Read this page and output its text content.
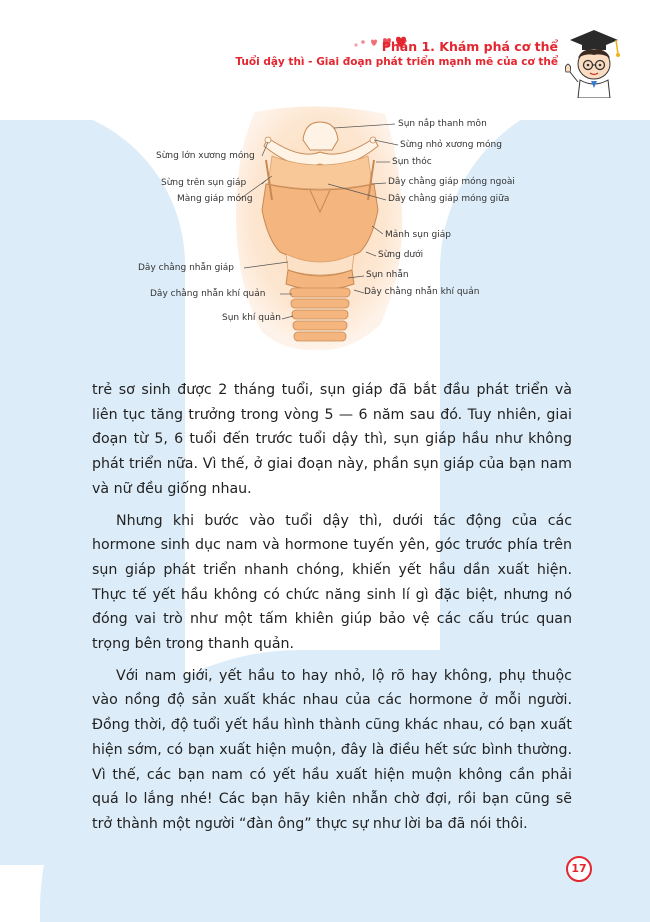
Phần 1. Khám phá cơ thể
Tuổi dậy thì - Giai đoạn phát triển mạnh mẽ của cơ thể
Sụn nắp thanh môn
Sừng nhỏ xương móng
Sừng lớn xương móng
Sụn thóc
Sừng trên sụn giáp	Dây chằng giáp móng ngoài
Màng giáp móng	Dây chằng giáp móng giữa
Mảnh sụn giáp
Sừng dưới
Dây chằng nhẫn giáp
Sụn nhẫn
Dây chằng nhẫn khí quản	Dây chằng nhẫn khí quản
Sụn khí quản

trẻ sơ sinh được 2 tháng tuổi, sụn giáp đã bắt đầu phát triển và liên tục tăng trưởng trong vòng 5 — 6 năm sau đó. Tuy nhiên, giai đoạn từ 5, 6 tuổi đến trước tuổi dậy thì, sụn giáp hầu như không phát triển nữa. Vì thế, ở giai đoạn này, phần sụn giáp của bạn nam và nữ đều giống nhau.

Nhưng khi bước vào tuổi dậy thì, dưới tác động của các hormone sinh dục nam và hormone tuyến yên, góc trước phía trên sụn giáp phát triển nhanh chóng, khiến yết hầu dần xuất hiện. Thực tế yết hầu không có chức năng sinh lí gì đặc biệt, nhưng nó đóng vai trò như một tấm khiên giúp bảo vệ các cấu trúc quan trọng bên trong thanh quản.

Với nam giới, yết hầu to hay nhỏ, lộ rõ hay không, phụ thuộc vào nồng độ sản xuất khác nhau của các hormone ở mỗi người. Đồng thời, độ tuổi yết hầu hình thành cũng khác nhau, có bạn xuất hiện sớm, có bạn xuất hiện muộn, đây là điều hết sức bình thường. Vì thế, các bạn nam có yết hầu xuất hiện muộn không cần phải quá lo lắng nhé! Các bạn hãy kiên nhẫn chờ đợi, rồi bạn cũng sẽ trở thành một người “đàn ông” thực sự như lời ba đã nói thôi.

17
